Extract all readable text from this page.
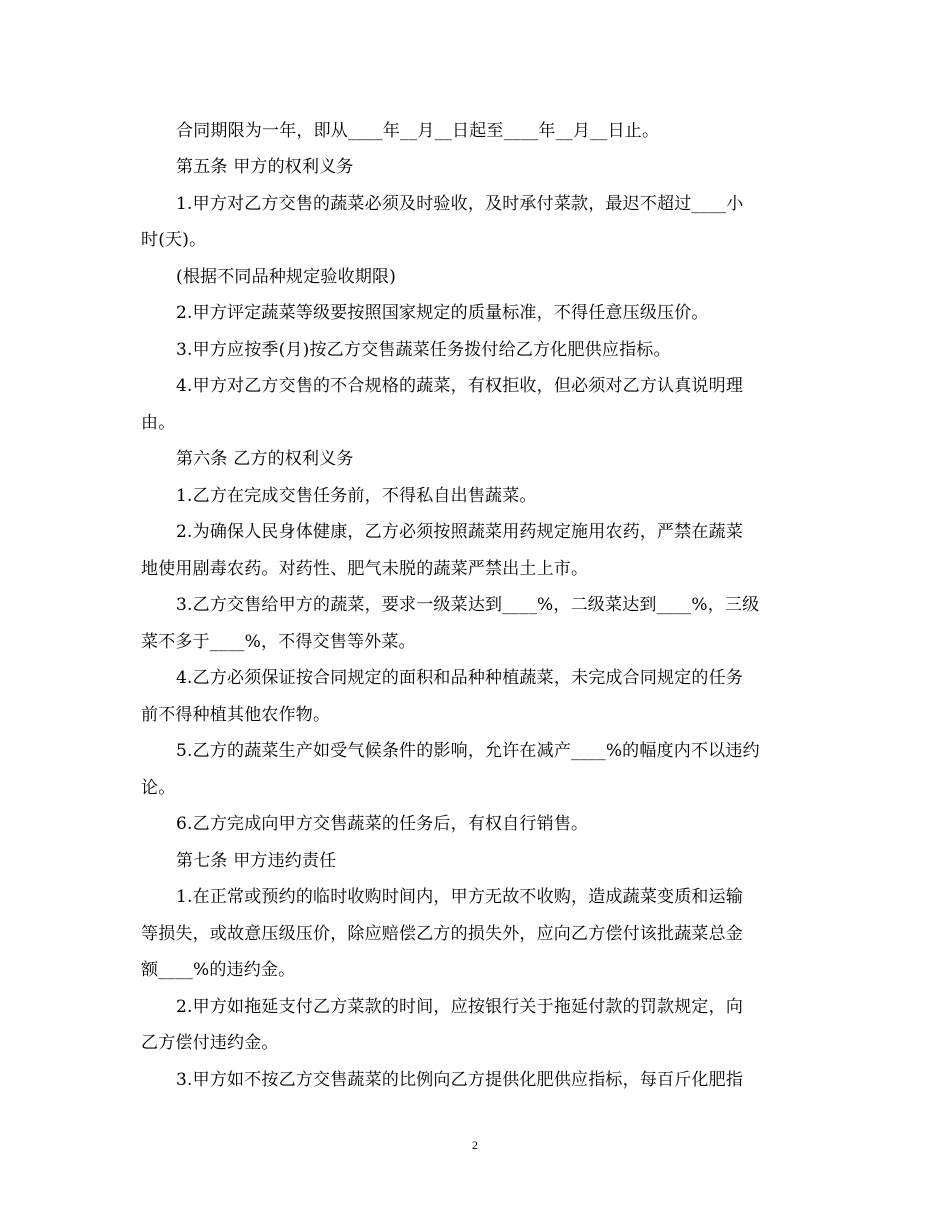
合同期限为一年，即从____年__月__日起至____年__月__日止。
第五条 甲方的权利义务
1.甲方对乙方交售的蔬菜必须及时验收，及时承付菜款，最迟不超过____小
时(天)。
(根据不同品种规定验收期限)
2.甲方评定蔬菜等级要按照国家规定的质量标准，不得任意压级压价。
3.甲方应按季(月)按乙方交售蔬菜任务拨付给乙方化肥供应指标。
4.甲方对乙方交售的不合规格的蔬菜，有权拒收，但必须对乙方认真说明理
由。
第六条 乙方的权利义务
1.乙方在完成交售任务前，不得私自出售蔬菜。
2.为确保人民身体健康，乙方必须按照蔬菜用药规定施用农药，严禁在蔬菜
地使用剧毒农药。对药性、肥气未脱的蔬菜严禁出土上市。
3.乙方交售给甲方的蔬菜，要求一级菜达到____%，二级菜达到____%，三级
菜不多于____%，不得交售等外菜。
4.乙方必须保证按合同规定的面积和品种种植蔬菜，未完成合同规定的任务
前不得种植其他农作物。
5.乙方的蔬菜生产如受气候条件的影响，允许在减产____%的幅度内不以违约
论。
6.乙方完成向甲方交售蔬菜的任务后，有权自行销售。
第七条 甲方违约责任
1.在正常或预约的临时收购时间内，甲方无故不收购，造成蔬菜变质和运输
等损失，或故意压级压价，除应赔偿乙方的损失外，应向乙方偿付该批蔬菜总金
额____%的违约金。
2.甲方如拖延支付乙方菜款的时间，应按银行关于拖延付款的罚款规定，向
乙方偿付违约金。
3.甲方如不按乙方交售蔬菜的比例向乙方提供化肥供应指标，每百斤化肥指
2
